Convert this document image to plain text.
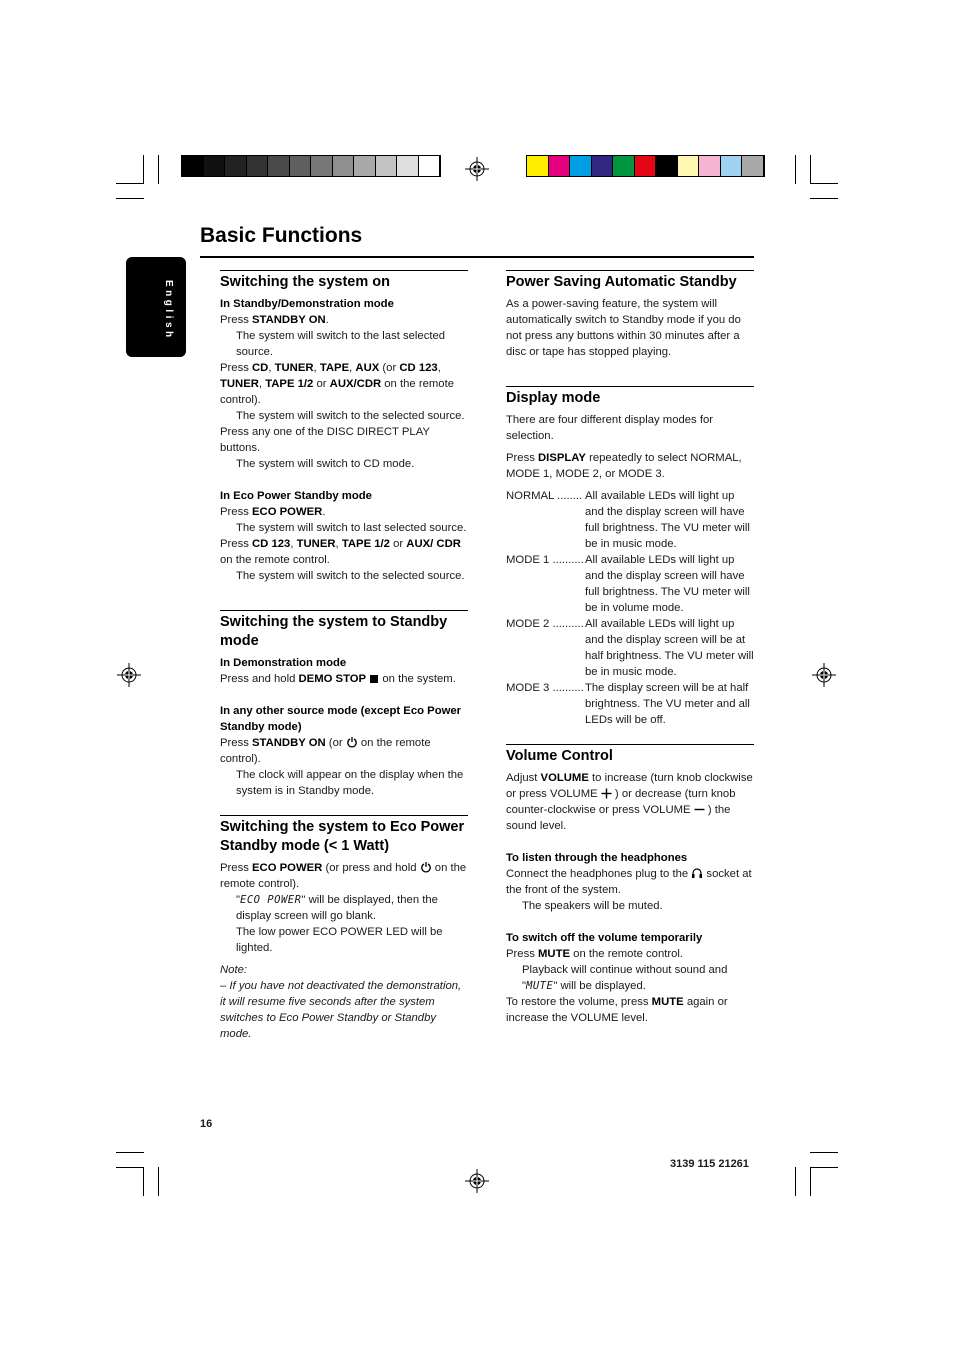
Basic Functions
English	Switching the system on

In Standby/Demonstration mode

Press STANDBY ON.

The system will switch to the last selected source.

Press CD, TUNER, TAPE, AUX (or CD 123, TUNER, TAPE 1/2 or AUX/CDR on the remote control).

The system will switch to the selected source.

Press any one of the DISC DIRECT PLAY buttons.

The system will switch to CD mode.

In Eco Power Standby mode

Press ECO POWER.

The system will switch to last selected source.

Press CD 123, TUNER, TAPE 1/2 or AUX/ CDR on the remote control.

The system will switch to the selected source.

Switching the system to Standby mode

In Demonstration mode

Press and hold DEMO STOP  on the system.

In any other source mode (except Eco Power Standby mode)

Press STANDBY ON (or  on the remote control).

The clock will appear on the display when the system is in Standby mode.

Switching the system to Eco Power Standby mode (< 1 Watt)

Press ECO POWER (or press and hold  on the remote control).

"ECO POWER" will be displayed, then the display screen will go blank.

The low power ECO POWER LED will be lighted.

Note:

– If you have not deactivated the demonstration, it will resume five seconds after the system switches to Eco Power Standby or Standby mode.

Power Saving Automatic Standby

As a power-saving feature, the system will automatically switch to Standby mode if you do not press any buttons within 30 minutes after a disc or tape has stopped playing.

Display mode

There are four different display modes for selection.

Press DISPLAY repeatedly to select NORMAL, MODE 1, MODE 2, or MODE 3.

NORMAL ........ All available LEDs will light up and the display screen will have full brightness. The VU meter will be in music mode.
MODE 1 .......... All available LEDs will light up and the display screen will have full brightness. The VU meter will be in volume mode.
MODE 2 .......... All available LEDs will light up and the display screen will be at half brightness. The VU meter will be in music mode.
MODE 3 .......... The display screen will be at half brightness. The VU meter and all LEDs will be off.
Volume Control

Adjust VOLUME to increase (turn knob clockwise or press VOLUME  ) or decrease (turn knob counter-clockwise or press VOLUME  ) the sound level.

To listen through the headphones

Connect the headphones plug to the  socket at the front of the system.

The speakers will be muted.

To switch off the volume temporarily

Press MUTE on the remote control.

Playback will continue without sound and "MUTE" will be displayed.

To restore the volume, press MUTE again or increase the VOLUME level.

16
3139 115 21261
